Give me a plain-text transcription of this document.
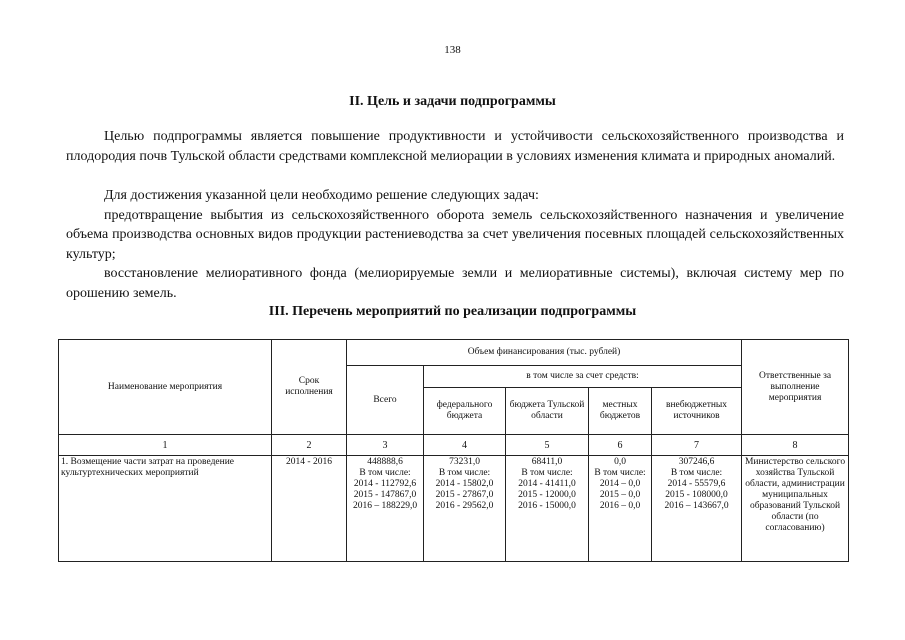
138
II. Цель и задачи подпрограммы

Целью подпрограммы является повышение продуктивности и устойчивости сельскохозяйственного производства и плодородия почв Тульской области средствами комплексной мелиорации в условиях изменения климата и природных аномалий.

Для достижения указанной цели необходимо решение следующих задач:

предотвращение выбытия из сельскохозяйственного оборота земель сельскохозяйственного назначения и увеличение объема производства основных видов продукции растениеводства за счет увеличения посевных площадей сельскохозяйственных культур;

восстановление мелиоративного фонда (мелиорируемые земли и мелиоративные системы), включая систему мер по орошению земель.

III. Перечень мероприятий по реализации подпрограммы
Наименование мероприятия	Срок исполнения	Объем финансирования (тыс. рублей)					Ответственные за выполнение мероприятия
		Всего	в том числе за счет средств:				
			федерального бюджета	бюджета Тульской области	местных бюджетов	внебюджетных источников	
1	2	3	4	5	6	7	8
1. Возмещение части затрат на проведение культуртехнических мероприятий	2014 - 2016	448888,6
В том числе:
2014 - 112792,6
2015 - 147867,0
2016 – 188229,0	73231,0
В том числе:
2014 - 15802,0
2015 - 27867,0
2016 - 29562,0	68411,0
В том числе:
2014 - 41411,0
2015 - 12000,0
2016 - 15000,0	0,0
В том числе:
2014 – 0,0
2015 – 0,0
2016 – 0,0	307246,6
В том числе:
2014 - 55579,6
2015 - 108000,0
2016 – 143667,0	Министерство сельского хозяйства Тульской области, администрации муниципальных образований Тульской области (по согласованию)
